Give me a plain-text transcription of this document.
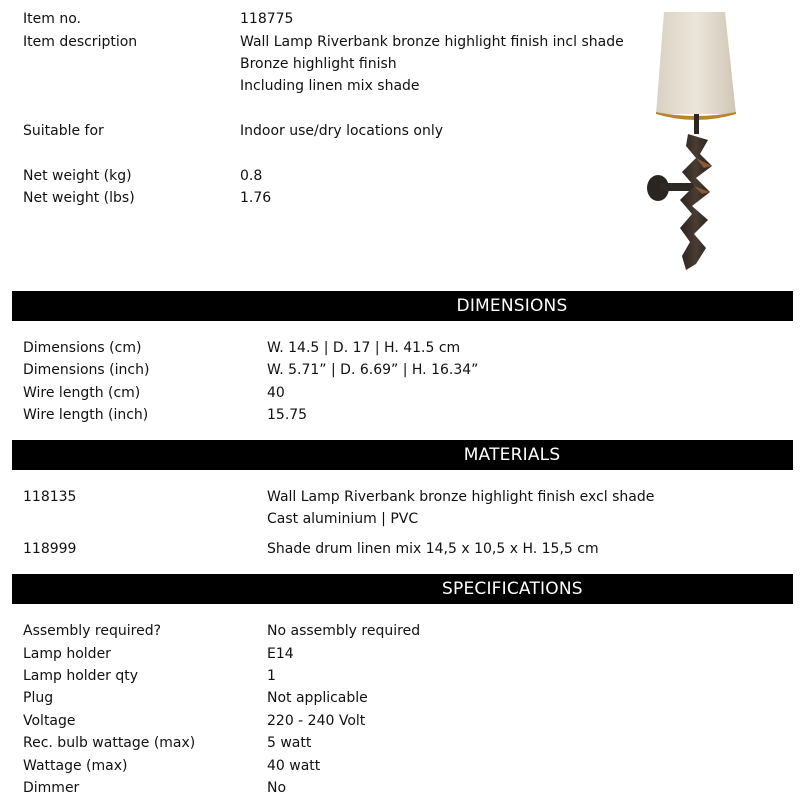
Item no.	118775
Item description	Wall Lamp Riverbank bronze highlight finish incl shade
Bronze highlight finish
Including linen mix shade
Suitable for	Indoor use/dry locations only
Net weight (kg)	0.8
Net weight (lbs)	1.76
DIMENSIONS
Dimensions (cm)	W. 14.5 | D. 17 | H. 41.5 cm
Dimensions (inch)	W. 5.71” | D. 6.69” | H. 16.34”
Wire length (cm)	40
Wire length (inch)	15.75
MATERIALS
118135	Wall Lamp Riverbank bronze highlight finish excl shade
Cast aluminium | PVC
118999	Shade drum linen mix 14,5 x 10,5 x H. 15,5 cm
SPECIFICATIONS
Assembly required?	No assembly required
Lamp holder	E14
Lamp holder qty	1
Plug	Not applicable
Voltage	220 - 240 Volt
Rec. bulb wattage (max)	5 watt
Wattage (max)	40 watt
Dimmer	No
